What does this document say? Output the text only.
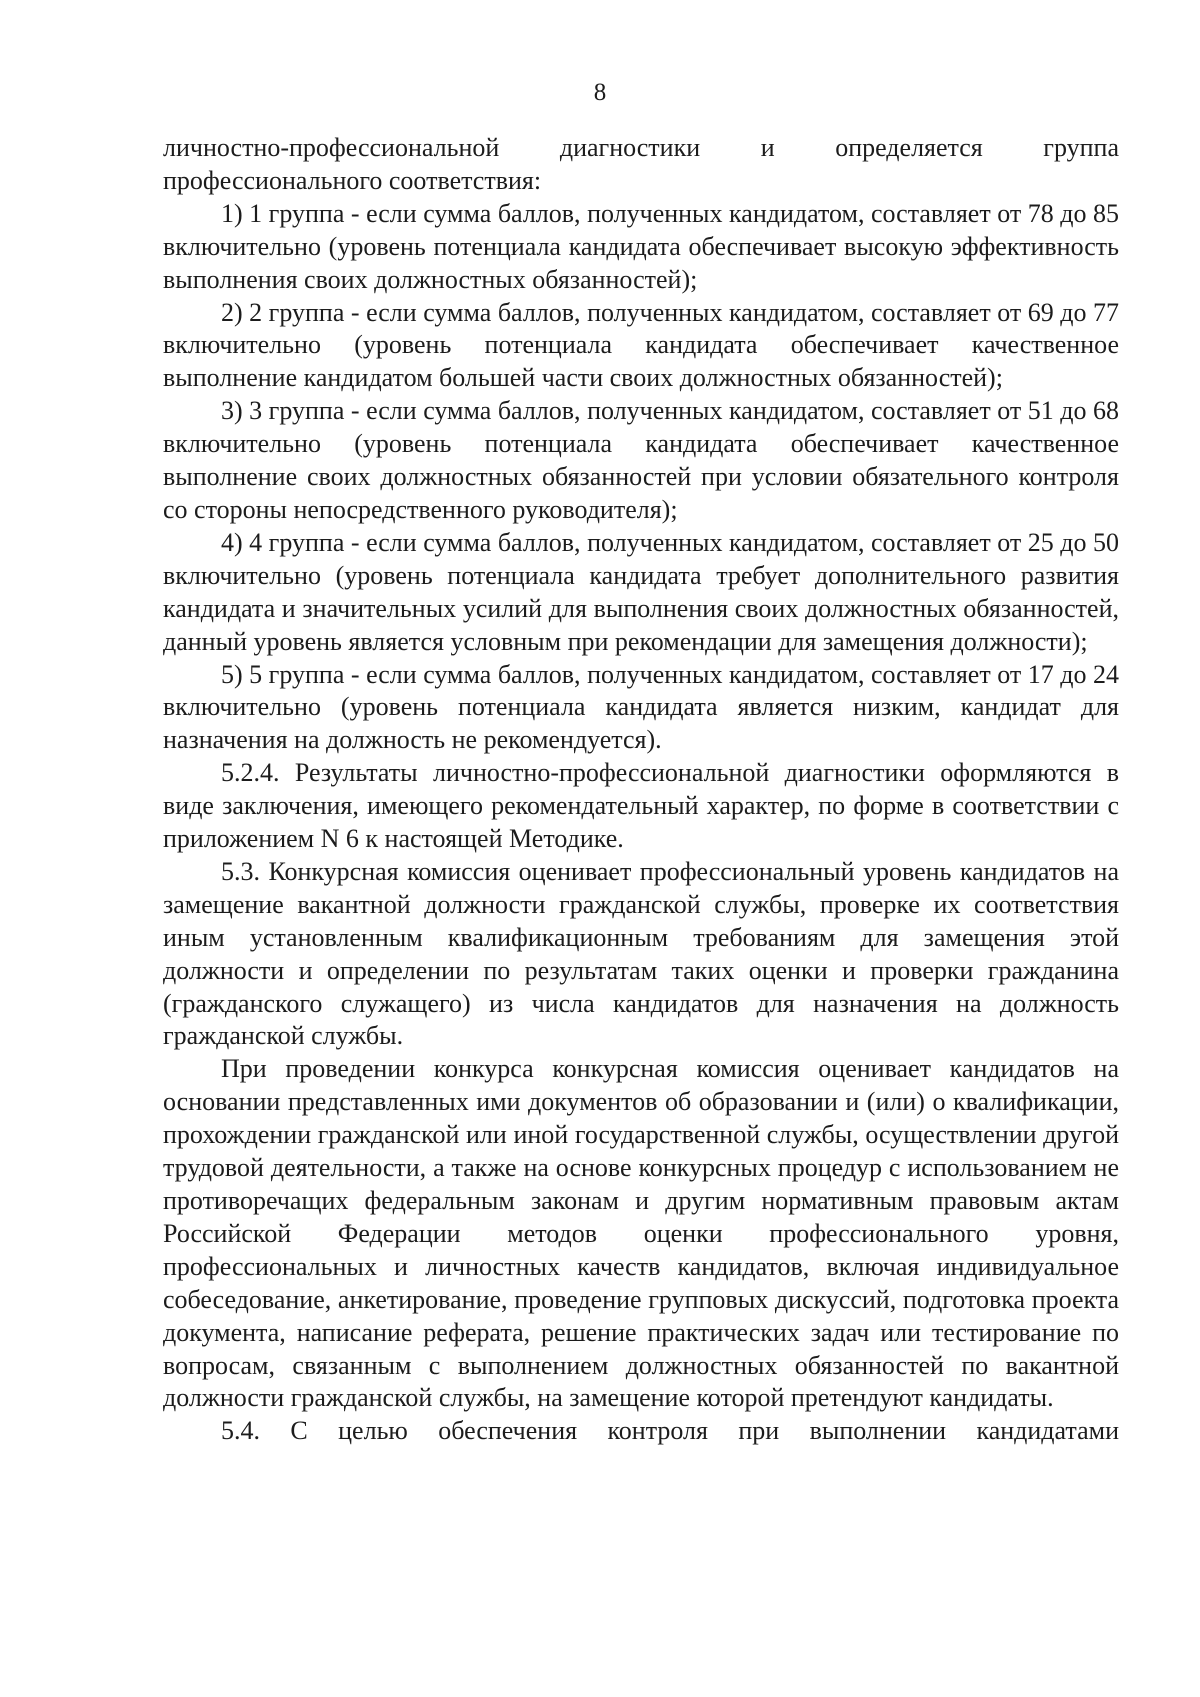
8

личностно-профессиональной диагностики и определяется группа профессионального соответствия:

1) 1 группа - если сумма баллов, полученных кандидатом, составляет от 78 до 85 включительно (уровень потенциала кандидата обеспечивает высокую эффективность выполнения своих должностных обязанностей);

2) 2 группа - если сумма баллов, полученных кандидатом, составляет от 69 до 77 включительно (уровень потенциала кандидата обеспечивает качественное выполнение кандидатом большей части своих должностных обязанностей);

3) 3 группа - если сумма баллов, полученных кандидатом, составляет от 51 до 68 включительно (уровень потенциала кандидата обеспечивает качественное выполнение своих должностных обязанностей при условии обязательного контроля со стороны непосредственного руководителя);

4) 4 группа - если сумма баллов, полученных кандидатом, составляет от 25 до 50 включительно (уровень потенциала кандидата требует дополнительного развития кандидата и значительных усилий для выполнения своих должностных обязанностей, данный уровень является условным при рекомендации для замещения должности);

5) 5 группа - если сумма баллов, полученных кандидатом, составляет от 17 до 24 включительно (уровень потенциала кандидата является низким, кандидат для назначения на должность не рекомендуется).

5.2.4. Результаты личностно-профессиональной диагностики оформляются в виде заключения, имеющего рекомендательный характер, по форме в соответствии с приложением N 6 к настоящей Методике.

5.3. Конкурсная комиссия оценивает профессиональный уровень кандидатов на замещение вакантной должности гражданской службы, проверке их соответствия иным установленным квалификационным требованиям для замещения этой должности и определении по результатам таких оценки и проверки гражданина (гражданского служащего) из числа кандидатов для назначения на должность гражданской службы.

При проведении конкурса конкурсная комиссия оценивает кандидатов на основании представленных ими документов об образовании и (или) о квалификации, прохождении гражданской или иной государственной службы, осуществлении другой трудовой деятельности, а также на основе конкурсных процедур с использованием не противоречащих федеральным законам и другим нормативным правовым актам Российской Федерации методов оценки профессионального уровня, профессиональных и личностных качеств кандидатов, включая индивидуальное собеседование, анкетирование, проведение групповых дискуссий, подготовка проекта документа, написание реферата, решение практических задач или тестирование по вопросам, связанным с выполнением должностных обязанностей по вакантной должности гражданской службы, на замещение которой претендуют кандидаты.

5.4. С целью обеспечения контроля при выполнении кандидатами
